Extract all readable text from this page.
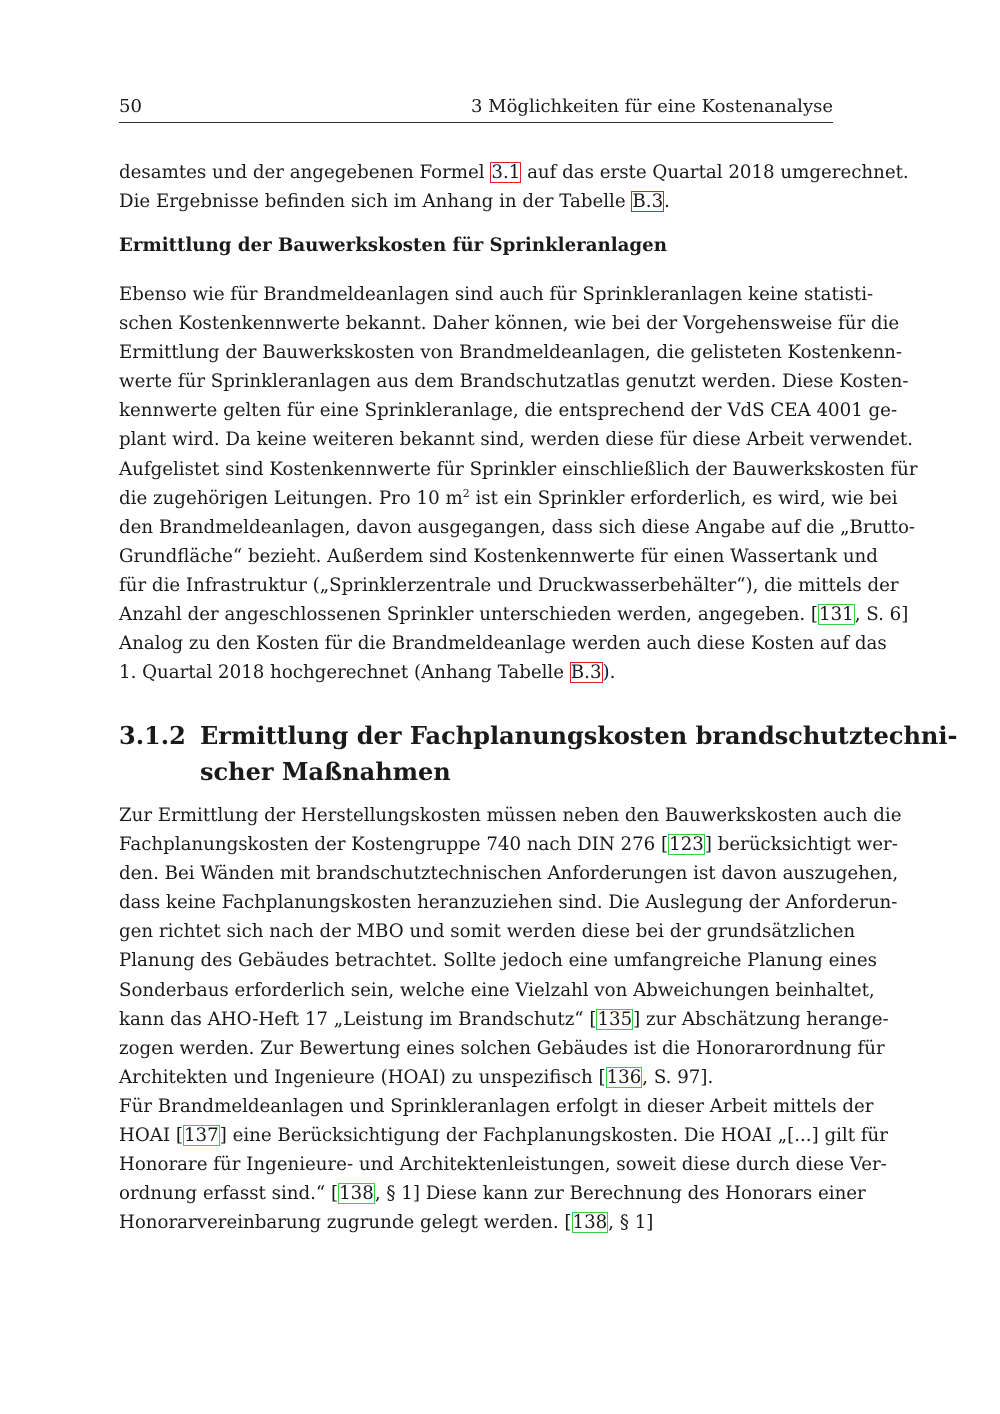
50	3 Möglichkeiten für eine Kostenanalyse
desamtes und der angegebenen Formel 3.1 auf das erste Quartal 2018 umgerechnet.
Die Ergebnisse befinden sich im Anhang in der Tabelle B.3.
Ermittlung der Bauwerkskosten für Sprinkleranlagen
Ebenso wie für Brandmeldeanlagen sind auch für Sprinkleranlagen keine statisti-
schen Kostenkennwerte bekannt. Daher können, wie bei der Vorgehensweise für die
Ermittlung der Bauwerkskosten von Brandmeldeanlagen, die gelisteten Kostenkenn-
werte für Sprinkleranlagen aus dem Brandschutzatlas genutzt werden. Diese Kosten-
kennwerte gelten für eine Sprinkleranlage, die entsprechend der VdS CEA 4001 ge-
plant wird. Da keine weiteren bekannt sind, werden diese für diese Arbeit verwendet.
Aufgelistet sind Kostenkennwerte für Sprinkler einschließlich der Bauwerkskosten für
die zugehörigen Leitungen. Pro 10 $m^2$ ist ein Sprinkler erforderlich, es wird, wie bei
den Brandmeldeanlagen, davon ausgegangen, dass sich diese Angabe auf die „Brutto-
Grundfläche“ bezieht. Außerdem sind Kostenkennwerte für einen Wassertank und
für die Infrastruktur („Sprinklerzentrale und Druckwasserbehälter“), die mittels der
Anzahl der angeschlossenen Sprinkler unterschieden werden, angegeben. [131, S. 6]
Analog zu den Kosten für die Brandmeldeanlage werden auch diese Kosten auf das
1. Quartal 2018 hochgerechnet (Anhang Tabelle B.3).
3.1.2 Ermittlung der Fachplanungskosten brandschutztechni-
scher Maßnahmen
Zur Ermittlung der Herstellungskosten müssen neben den Bauwerkskosten auch die
Fachplanungskosten der Kostengruppe 740 nach DIN 276 [123] berücksichtigt wer-
den. Bei Wänden mit brandschutztechnischen Anforderungen ist davon auszugehen,
dass keine Fachplanungskosten heranzuziehen sind. Die Auslegung der Anforderun-
gen richtet sich nach der MBO und somit werden diese bei der grundsätzlichen
Planung des Gebäudes betrachtet. Sollte jedoch eine umfangreiche Planung eines
Sonderbaus erforderlich sein, welche eine Vielzahl von Abweichungen beinhaltet,
kann das AHO-Heft 17 „Leistung im Brandschutz“ [135] zur Abschätzung herange-
zogen werden. Zur Bewertung eines solchen Gebäudes ist die Honorarordnung für
Architekten und Ingenieure (HOAI) zu unspezifisch [136, S. 97].
Für Brandmeldeanlagen und Sprinkleranlagen erfolgt in dieser Arbeit mittels der
HOAI [137] eine Berücksichtigung der Fachplanungskosten. Die HOAI „[...] gilt für
Honorare für Ingenieure- und Architektenleistungen, soweit diese durch diese Ver-
ordnung erfasst sind.“ [138, § 1] Diese kann zur Berechnung des Honorars einer
Honorarvereinbarung zugrunde gelegt werden. [138, § 1]
